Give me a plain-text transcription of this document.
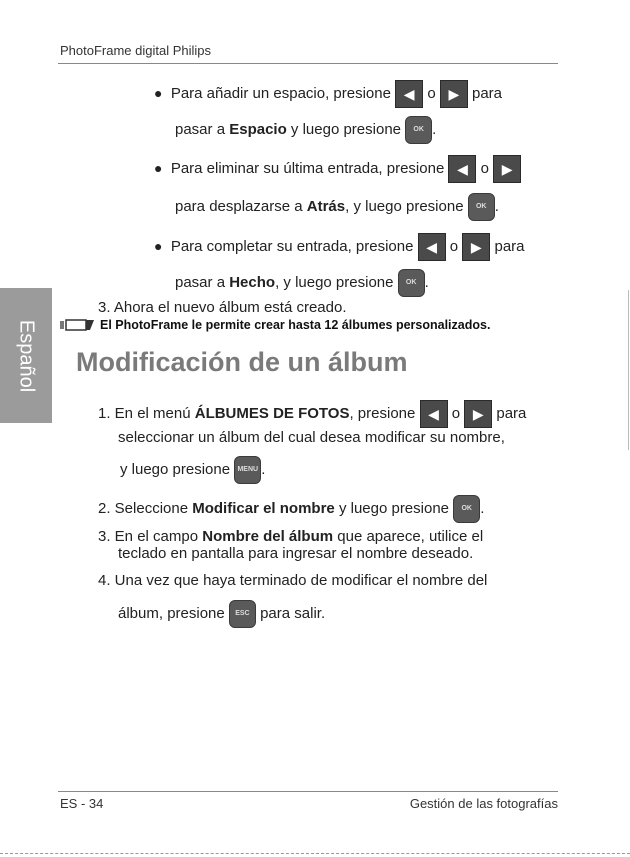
PhotoFrame digital Philips
Español
● Para añadir un espacio, presione ◀ o ▶ para
pasar a Espacio y luego presione OK .
● Para eliminar su última entrada, presione ◀ o ▶
para desplazarse a Atrás, y luego presione OK .
● Para completar su entrada, presione ◀ o ▶ para
pasar a Hecho, y luego presione OK .
3. Ahora el nuevo álbum está creado.
El PhotoFrame le permite crear hasta 12 álbumes personalizados.
Modificación de un álbum
1. En el menú ÁLBUMES DE FOTOS, presione ◀ o ▶ para
seleccionar un álbum del cual desea modificar su nombre,
y luego presione MENU .
2. Seleccione Modificar el nombre y luego presione OK .
3. En el campo Nombre del álbum que aparece, utilice el
teclado en pantalla para ingresar el nombre deseado.
4. Una vez que haya terminado de modificar el nombre del
álbum, presione ESC para salir.
ES - 34	Gestión de las fotografías
